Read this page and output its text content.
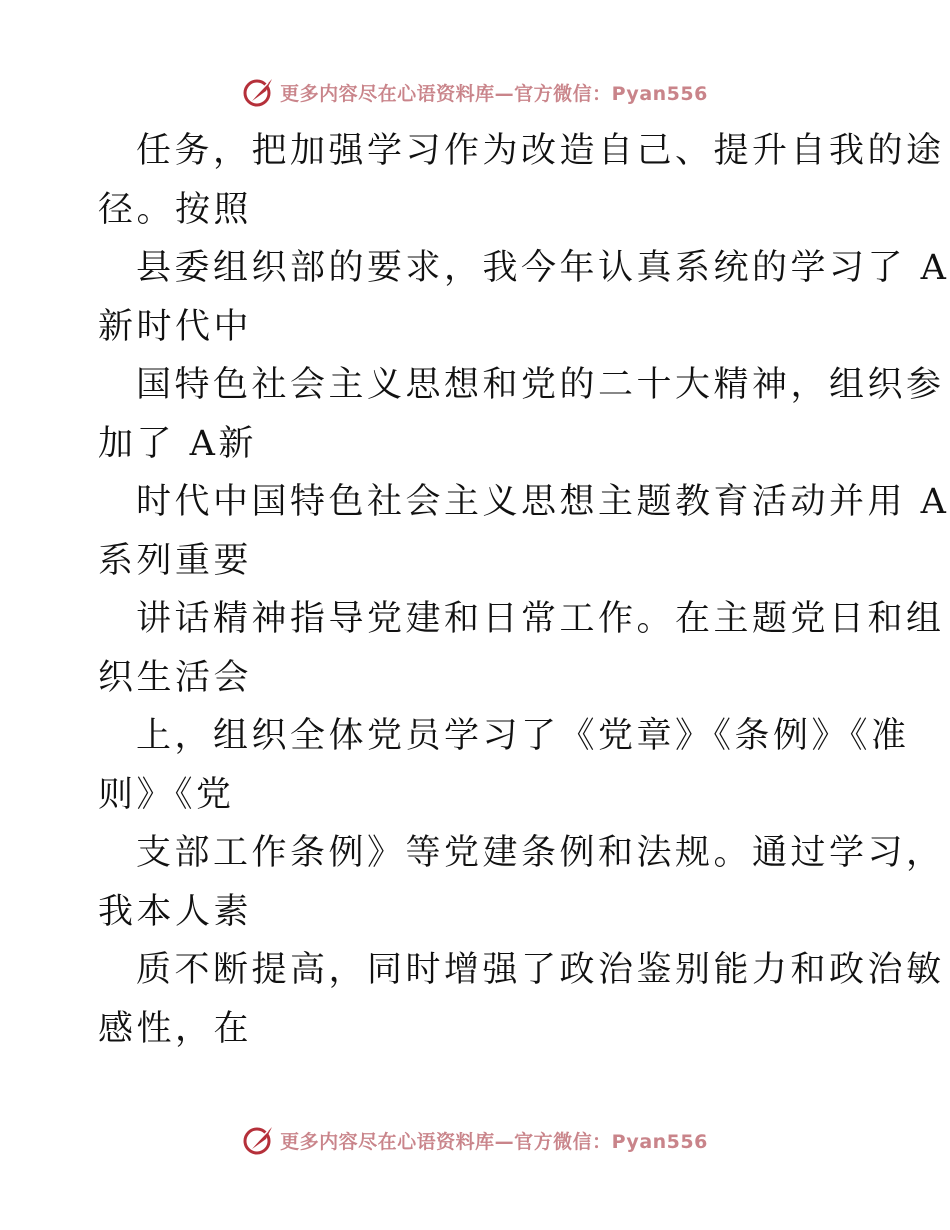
更多内容尽在心语资料库—官方微信：Pyan556
任务，把加强学习作为改造自己、提升自我的途
径。按照
县委组织部的要求，我今年认真系统的学习了 A
新时代中
国特色社会主义思想和党的二十大精神，组织参
加了 A新
时代中国特色社会主义思想主题教育活动并用 A
系列重要
讲话精神指导党建和日常工作。在主题党日和组
织生活会
上，组织全体党员学习了《党章》《条例》《准
则》《党
支部工作条例》等党建条例和法规。通过学习，
我本人素
质不断提高，同时增强了政治鉴别能力和政治敏
感性，在
更多内容尽在心语资料库—官方微信：Pyan556
